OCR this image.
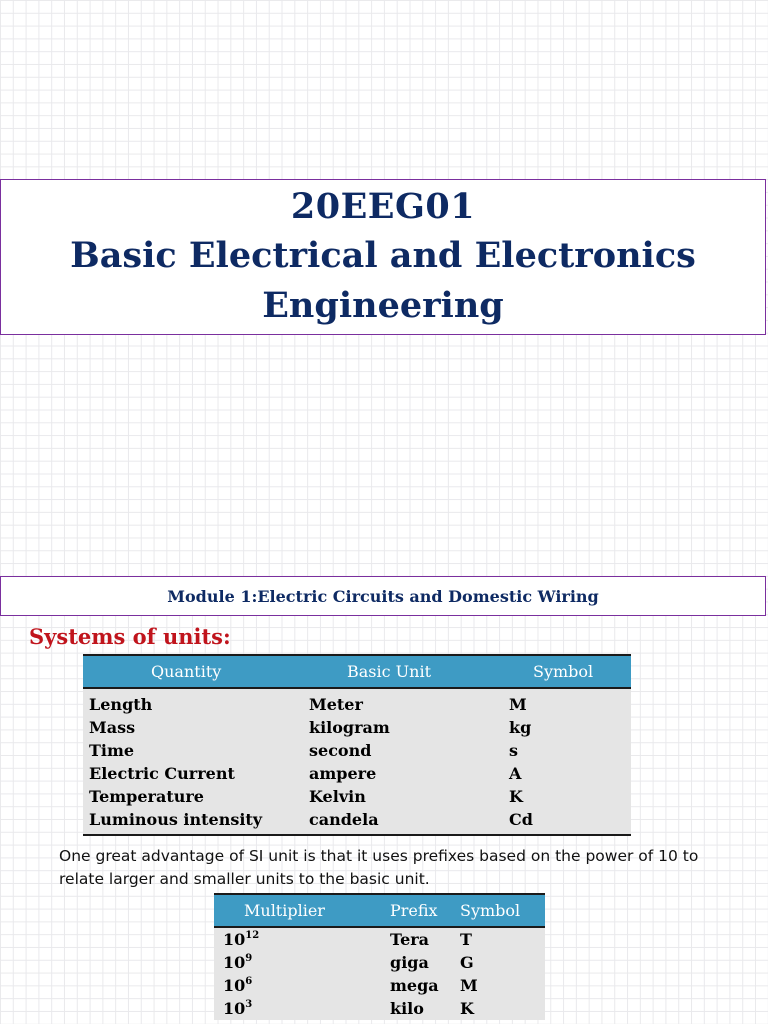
20EEG01
Basic Electrical and Electronics
Engineering
Module 1:Electric Circuits and Domestic Wiring
Systems of units:
Quantity	Basic Unit	Symbol
Length	Meter	M
Mass	kilogram	kg
Time	second	s
Electric Current	ampere	A
Temperature	Kelvin	K
Luminous intensity	candela	Cd
One great advantage of SI unit is that it uses prefixes based on the power of 10 to relate larger and smaller units to the basic unit.
Multiplier	Prefix	Symbol
$10^{12}$	Tera	T
$10^9$	giga	G
$10^6$	mega	M
$10^3$	kilo	K
